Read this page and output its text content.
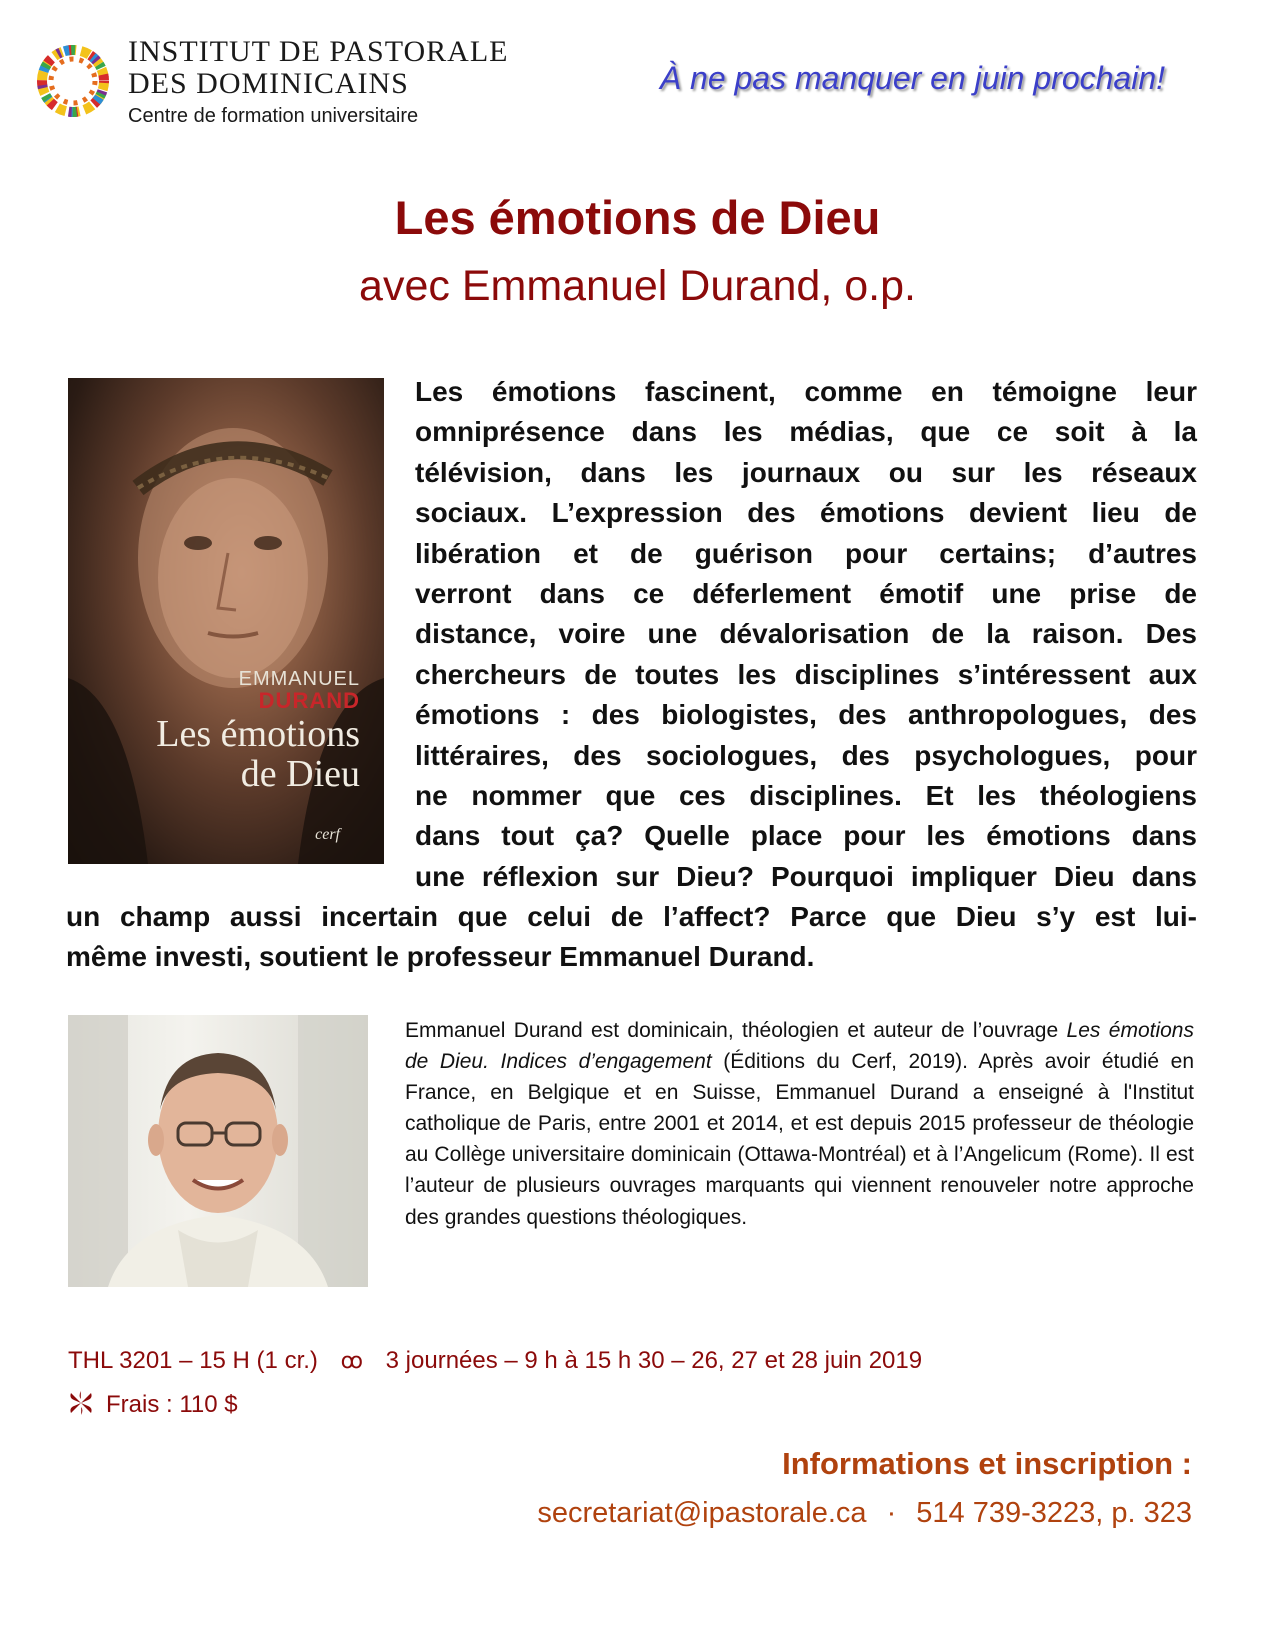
INSTITUT DE PASTORALE
DES DOMINICAINS
Centre de formation universitaire
À ne pas manquer en juin prochain!
Les émotions de Dieu
avec Emmanuel Durand, o.p.
EMMANUEL
DURAND
Les émotions
de Dieu
cerf
Les émotions fascinent, comme en témoigne leur
omniprésence dans les médias, que ce soit à la
télévision, dans les journaux ou sur les réseaux
sociaux. L’expression des émotions devient lieu de
libération et de guérison pour certains; d’autres
verront dans ce déferlement émotif une prise de
distance, voire une dévalorisation de la raison. Des
chercheurs de toutes les disciplines s’intéressent aux
émotions : des biologistes, des anthropologues, des
littéraires, des sociologues, des psychologues, pour
ne nommer que ces disciplines. Et les théologiens
dans tout ça? Quelle place pour les émotions dans
une réflexion sur Dieu? Pourquoi impliquer Dieu dans
un champ aussi incertain que celui de l’affect? Parce que Dieu s’y est lui-
même investi, soutient le professeur Emmanuel Durand.
Emmanuel Durand est dominicain, théologien et auteur de l’ouvrage Les émotions de Dieu. Indices d’engagement (Éditions du Cerf, 2019). Après avoir étudié en France, en Belgique et en Suisse, Emmanuel Durand a enseigné à l'Institut catholique de Paris, entre 2001 et 2014, et est depuis 2015 professeur de théologie au Collège universitaire dominicain (Ottawa-Montréal) et à l’Angelicum (Rome). Il est l’auteur de plusieurs ouvrages marquants qui viennent renouveler notre approche des grandes questions théologiques.
THL 3201 – 15 H (1 cr.) ꝏ 3 journées – 9 h à 15 h 30 – 26, 27 et 28 juin 2019
Frais : 110 $
Informations et inscription :
secretariat@ipastorale.ca · 514 739-3223, p. 323
